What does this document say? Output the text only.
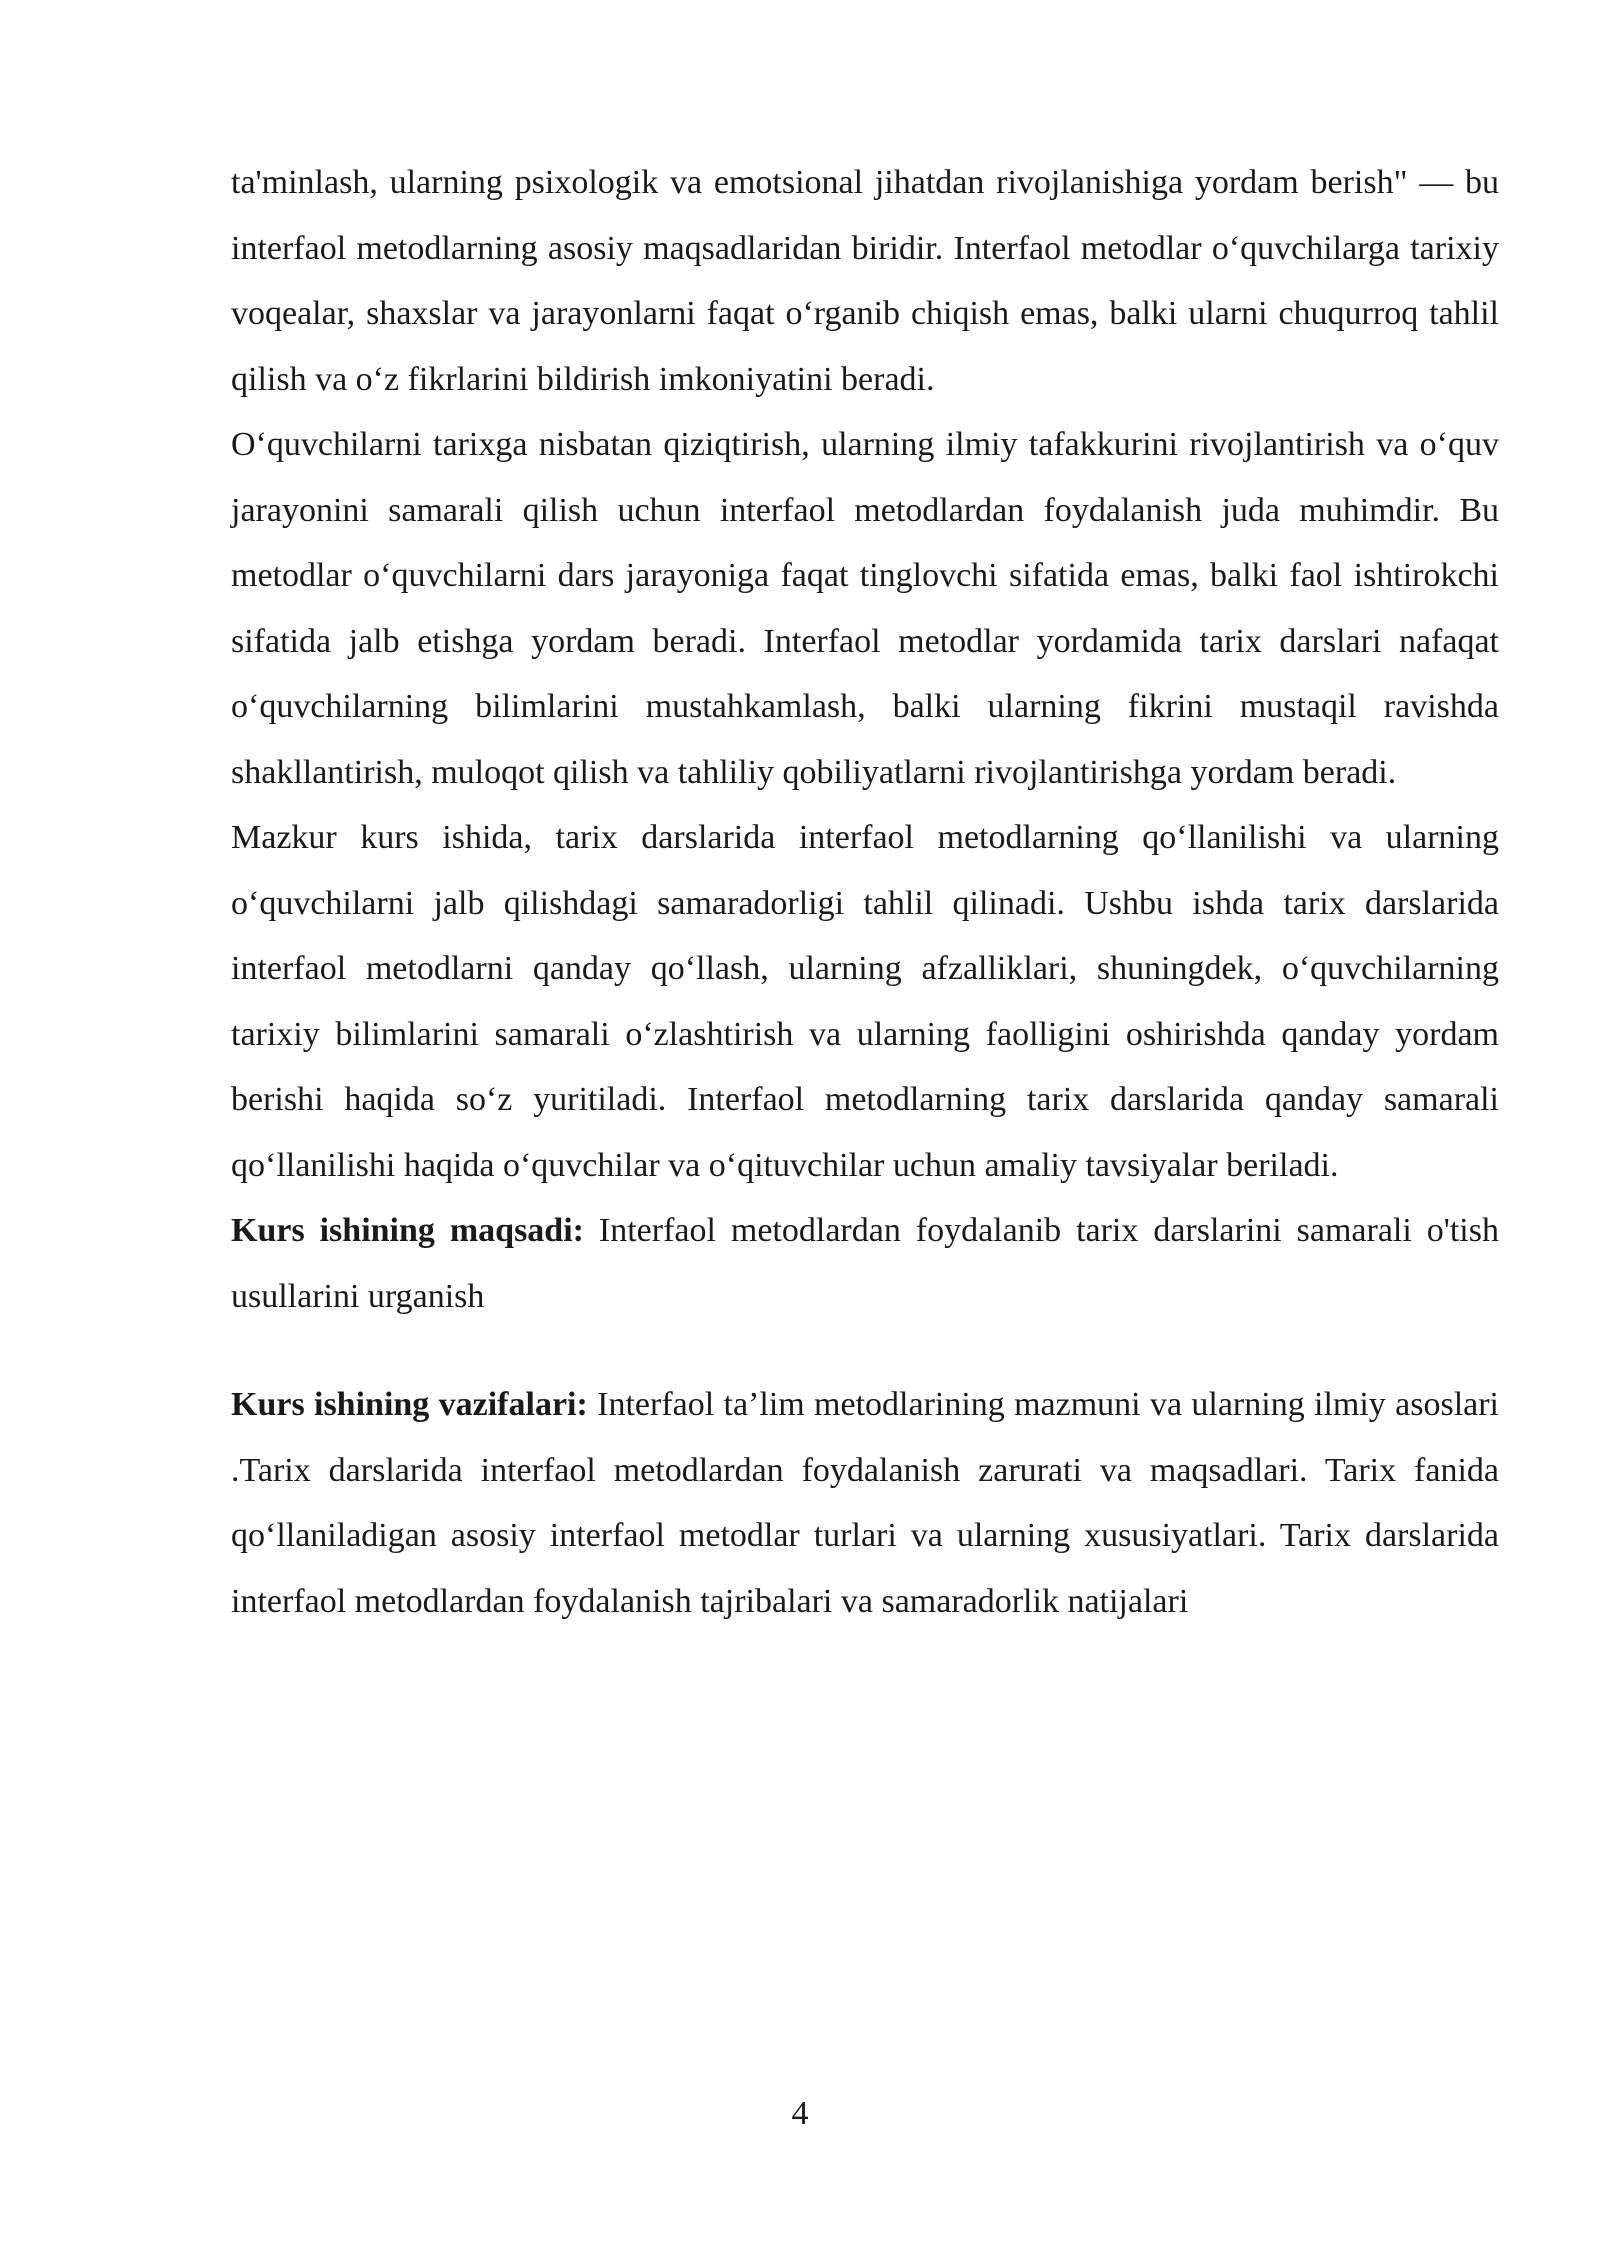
ta'minlash, ularning psixologik va emotsional jihatdan rivojlanishiga yordam berish" — bu interfaol metodlarning asosiy maqsadlaridan biridir. Interfaol metodlar o‘quvchilarga tarixiy voqealar, shaxslar va jarayonlarni faqat o‘rganib chiqish emas, balki ularni chuqurroq tahlil qilish va o‘z fikrlarini bildirish imkoniyatini beradi.

O‘quvchilarni tarixga nisbatan qiziqtirish, ularning ilmiy tafakkurini rivojlantirish va o‘quv jarayonini samarali qilish uchun interfaol metodlardan foydalanish juda muhimdir. Bu metodlar o‘quvchilarni dars jarayoniga faqat tinglovchi sifatida emas, balki faol ishtirokchi sifatida jalb etishga yordam beradi. Interfaol metodlar yordamida tarix darslari nafaqat o‘quvchilarning bilimlarini mustahkamlash, balki ularning fikrini mustaqil ravishda shakllantirish, muloqot qilish va tahliliy qobiliyatlarni rivojlantirishga yordam beradi.

Mazkur kurs ishida, tarix darslarida interfaol metodlarning qo‘llanilishi va ularning o‘quvchilarni jalb qilishdagi samaradorligi tahlil qilinadi. Ushbu ishda tarix darslarida interfaol metodlarni qanday qo‘llash, ularning afzalliklari, shuningdek, o‘quvchilarning tarixiy bilimlarini samarali o‘zlashtirish va ularning faolligini oshirishda qanday yordam berishi haqida so‘z yuritiladi. Interfaol metodlarning tarix darslarida qanday samarali qo‘llanilishi haqida o‘quvchilar va o‘qituvchilar uchun amaliy tavsiyalar beriladi.

Kurs ishining maqsadi: Interfaol metodlardan foydalanib tarix darslarini samarali o'tish usullarini urganish

Kurs ishining vazifalari: Interfaol ta’lim metodlarining mazmuni va ularning ilmiy asoslari .Tarix darslarida interfaol metodlardan foydalanish zarurati va maqsadlari. Tarix fanida qo‘llaniladigan asosiy interfaol metodlar turlari va ularning xususiyatlari. Tarix darslarida interfaol metodlardan foydalanish tajribalari va samaradorlik natijalari

4
